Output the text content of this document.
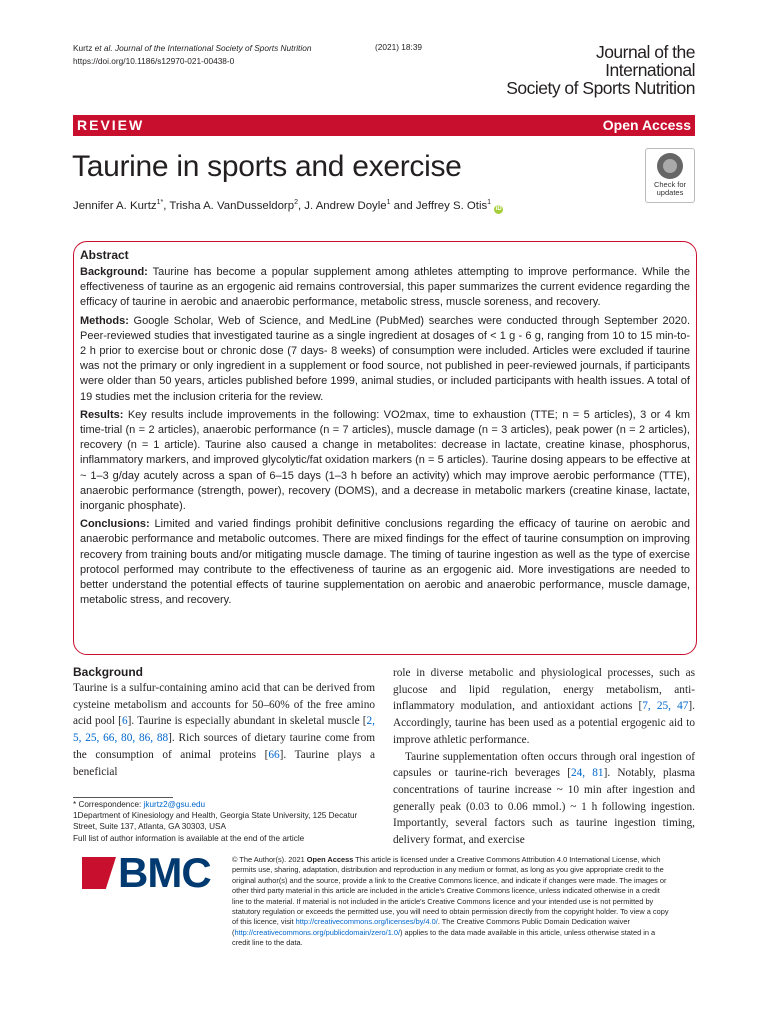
Kurtz et al. Journal of the International Society of Sports Nutrition
https://doi.org/10.1186/s12970-021-00438-0
(2021) 18:39	Journal of the International
Society of Sports Nutrition
REVIEW	Open Access
Taurine in sports and exercise
Jennifer A. Kurtz$^{1*}$, Trisha A. VanDusseldorp$^2$, J. Andrew Doyle$^1$ and Jeffrey S. Otis$^1$ iD
Check for
updates
Abstract

Background: Taurine has become a popular supplement among athletes attempting to improve performance. While the effectiveness of taurine as an ergogenic aid remains controversial, this paper summarizes the current evidence regarding the efficacy of taurine in aerobic and anaerobic performance, metabolic stress, muscle soreness, and recovery.

Methods: Google Scholar, Web of Science, and MedLine (PubMed) searches were conducted through September 2020. Peer-reviewed studies that investigated taurine as a single ingredient at dosages of < 1 g - 6 g, ranging from 10 to 15 min-to-2 h prior to exercise bout or chronic dose (7 days- 8 weeks) of consumption were included. Articles were excluded if taurine was not the primary or only ingredient in a supplement or food source, not published in peer-reviewed journals, if participants were older than 50 years, articles published before 1999, animal studies, or included participants with health issues. A total of 19 studies met the inclusion criteria for the review.

Results: Key results include improvements in the following: VO2max, time to exhaustion (TTE; n = 5 articles), 3 or 4 km time-trial (n = 2 articles), anaerobic performance (n = 7 articles), muscle damage (n = 3 articles), peak power (n = 2 articles), recovery (n = 1 article). Taurine also caused a change in metabolites: decrease in lactate, creatine kinase, phosphorus, inflammatory markers, and improved glycolytic/fat oxidation markers (n = 5 articles). Taurine dosing appears to be effective at ~ 1–3 g/day acutely across a span of 6–15 days (1–3 h before an activity) which may improve aerobic performance (TTE), anaerobic performance (strength, power), recovery (DOMS), and a decrease in metabolic markers (creatine kinase, lactate, inorganic phosphate).

Conclusions: Limited and varied findings prohibit definitive conclusions regarding the efficacy of taurine on aerobic and anaerobic performance and metabolic outcomes. There are mixed findings for the effect of taurine consumption on improving recovery from training bouts and/or mitigating muscle damage. The timing of taurine ingestion as well as the type of exercise protocol performed may contribute to the effectiveness of taurine as an ergogenic aid. More investigations are needed to better understand the potential effects of taurine supplementation on aerobic and anaerobic performance, muscle damage, metabolic stress, and recovery.

Background

Taurine is a sulfur-containing amino acid that can be derived from cysteine metabolism and accounts for 50–60% of the free amino acid pool [6]. Taurine is especially abundant in skeletal muscle [2, 5, 25, 66, 80, 86, 88]. Rich sources of dietary taurine come from the consumption of animal proteins [66]. Taurine plays a beneficial

role in diverse metabolic and physiological processes, such as glucose and lipid regulation, energy metabolism, anti-inflammatory modulation, and antioxidant actions [7, 25, 47]. Accordingly, taurine has been used as a potential ergogenic aid to improve athletic performance.

Taurine supplementation often occurs through oral ingestion of capsules or taurine-rich beverages [24, 81]. Notably, plasma concentrations of taurine increase ~ 10 min after ingestion and generally peak (0.03 to 0.06 mmol.) ~ 1 h following ingestion. Importantly, several factors such as taurine ingestion timing, delivery format, and exercise

* Correspondence: jkurtz2@gsu.edu
1Department of Kinesiology and Health, Georgia State University, 125 Decatur Street, Suite 137, Atlanta, GA 30303, USA
Full list of author information is available at the end of the article
BMC	© The Author(s). 2021 Open Access This article is licensed under a Creative Commons Attribution 4.0 International License, which permits use, sharing, adaptation, distribution and reproduction in any medium or format, as long as you give appropriate credit to the original author(s) and the source, provide a link to the Creative Commons licence, and indicate if changes were made. The images or other third party material in this article are included in the article's Creative Commons licence, unless indicated otherwise in a credit line to the material. If material is not included in the article's Creative Commons licence and your intended use is not permitted by statutory regulation or exceeds the permitted use, you will need to obtain permission directly from the copyright holder. To view a copy of this licence, visit http://creativecommons.org/licenses/by/4.0/. The Creative Commons Public Domain Dedication waiver (http://creativecommons.org/publicdomain/zero/1.0/) applies to the data made available in this article, unless otherwise stated in a credit line to the data.
